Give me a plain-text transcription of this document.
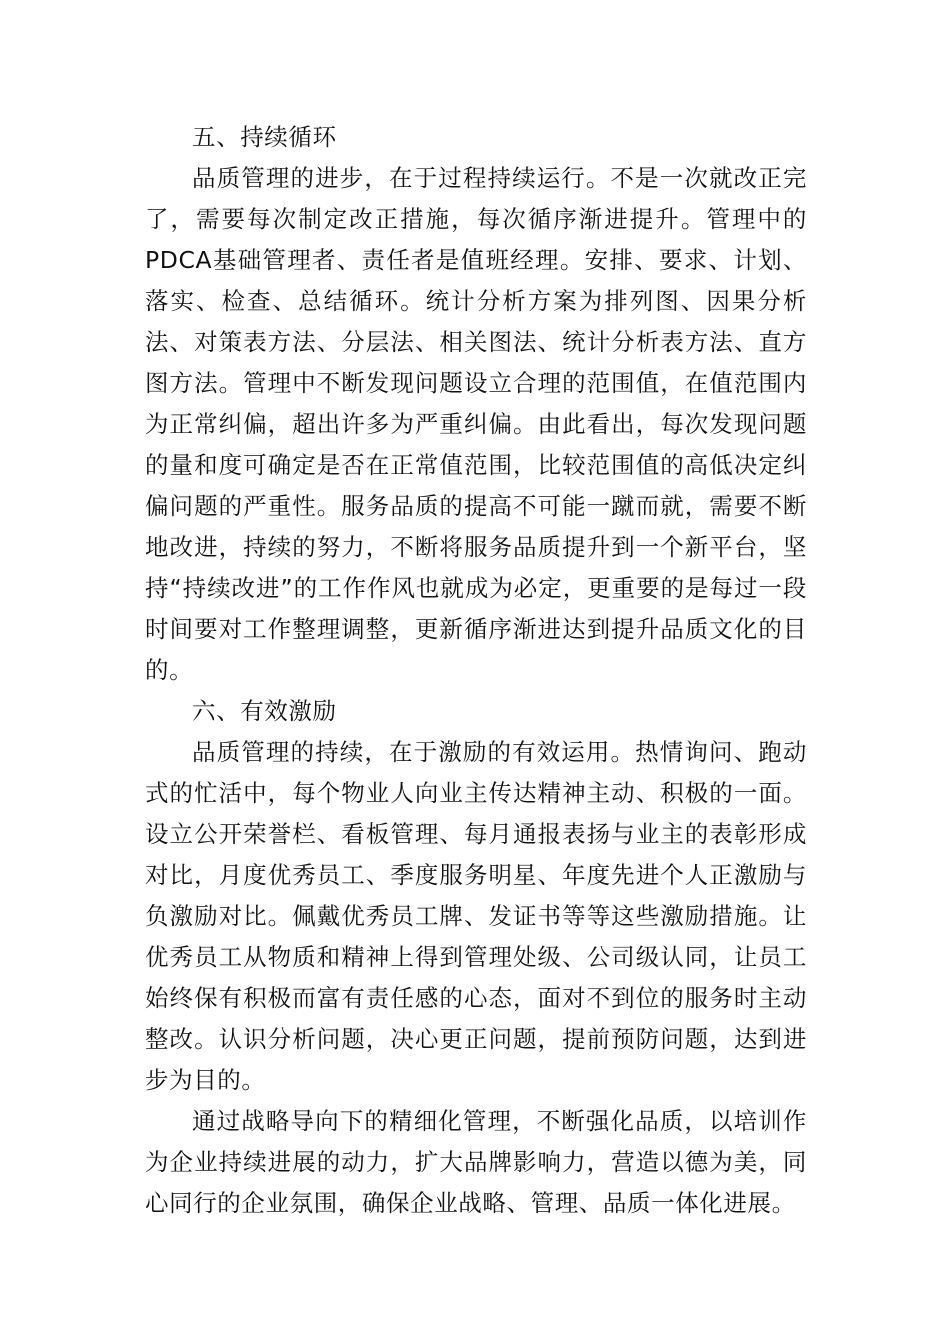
五、持续循环

品质管理的进步，在于过程持续运行。不是一次就改正完了，需要每次制定改正措施，每次循序渐进提升。管理中的PDCA基础管理者、责任者是值班经理。安排、要求、计划、落实、检查、总结循环。统计分析方案为排列图、因果分析法、对策表方法、分层法、相关图法、统计分析表方法、直方图方法。管理中不断发现问题设立合理的范围值，在值范围内为正常纠偏，超出许多为严重纠偏。由此看出，每次发现问题的量和度可确定是否在正常值范围，比较范围值的高低决定纠偏问题的严重性。服务品质的提高不可能一蹴而就，需要不断地改进，持续的努力，不断将服务品质提升到一个新平台，坚持“持续改进”的工作作风也就成为必定，更重要的是每过一段时间要对工作整理调整，更新循序渐进达到提升品质文化的目的。

六、有效激励

品质管理的持续，在于激励的有效运用。热情询问、跑动式的忙活中，每个物业人向业主传达精神主动、积极的一面。设立公开荣誉栏、看板管理、每月通报表扬与业主的表彰形成对比，月度优秀员工、季度服务明星、年度先进个人正激励与负激励对比。佩戴优秀员工牌、发证书等等这些激励措施。让优秀员工从物质和精神上得到管理处级、公司级认同，让员工始终保有积极而富有责任感的心态，面对不到位的服务时主动整改。认识分析问题，决心更正问题，提前预防问题，达到进步为目的。

通过战略导向下的精细化管理，不断强化品质，以培训作为企业持续进展的动力，扩大品牌影响力，营造以德为美，同心同行的企业氛围，确保企业战略、管理、品质一体化进展。
